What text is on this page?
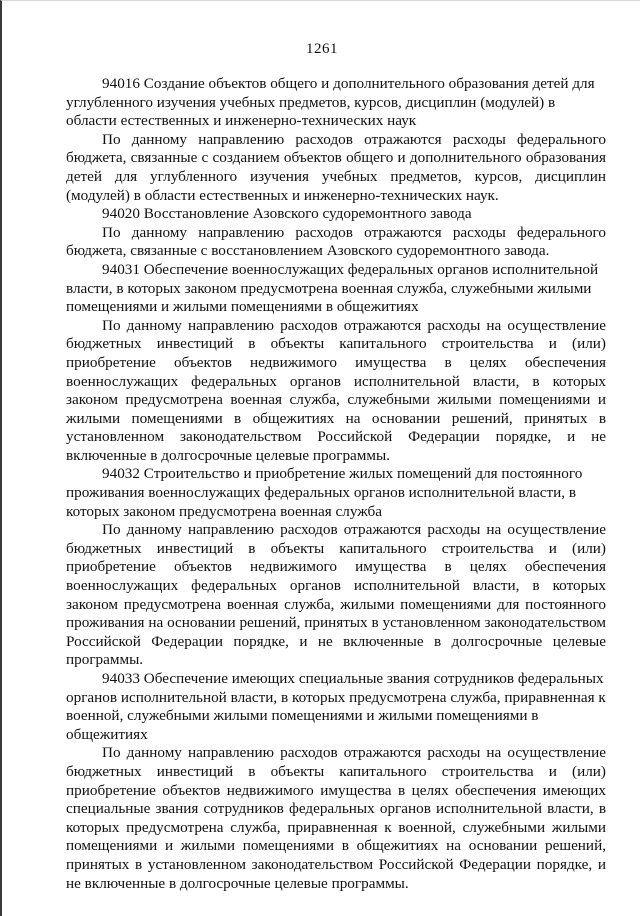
1261

94016 Создание объектов общего и дополнительного образования детей для углубленного изучения учебных предметов, курсов, дисциплин (модулей) в области естественных и инженерно-технических наук

По данному направлению расходов отражаются расходы федерального бюджета, связанные с созданием объектов общего и дополнительного образования детей для углубленного изучения учебных предметов, курсов, дисциплин (модулей) в области естественных и инженерно-технических наук.

94020 Восстановление Азовского судоремонтного завода

По данному направлению расходов отражаются расходы федерального бюджета, связанные с восстановлением Азовского судоремонтного завода.

94031 Обеспечение военнослужащих федеральных органов исполнительной власти, в которых законом предусмотрена военная служба, служебными жилыми помещениями и жилыми помещениями в общежитиях

По данному направлению расходов отражаются расходы на осуществление бюджетных инвестиций в объекты капитального строительства и (или) приобретение объектов недвижимого имущества в целях обеспечения военнослужащих федеральных органов исполнительной власти, в которых законом предусмотрена военная служба, служебными жилыми помещениями и жилыми помещениями в общежитиях на основании решений, принятых в установленном законодательством Российской Федерации порядке, и не включенные в долгосрочные целевые программы.

94032 Строительство и приобретение жилых помещений для постоянного проживания военнослужащих федеральных органов исполнительной власти, в которых законом предусмотрена военная служба

По данному направлению расходов отражаются расходы на осуществление бюджетных инвестиций в объекты капитального строительства и (или) приобретение объектов недвижимого имущества в целях обеспечения военнослужащих федеральных органов исполнительной власти, в которых законом предусмотрена военная служба, жилыми помещениями для постоянного проживания на основании решений, принятых в установленном законодательством Российской Федерации порядке, и не включенные в долгосрочные целевые программы.

94033 Обеспечение имеющих специальные звания сотрудников федеральных органов исполнительной власти, в которых предусмотрена служба, приравненная к военной, служебными жилыми помещениями и жилыми помещениями в общежитиях

По данному направлению расходов отражаются расходы на осуществление бюджетных инвестиций в объекты капитального строительства и (или) приобретение объектов недвижимого имущества в целях обеспечения имеющих специальные звания сотрудников федеральных органов исполнительной власти, в которых предусмотрена служба, приравненная к военной, служебными жилыми помещениями и жилыми помещениями в общежитиях на основании решений, принятых в установленном законодательством Российской Федерации порядке, и не включенные в долгосрочные целевые программы.
